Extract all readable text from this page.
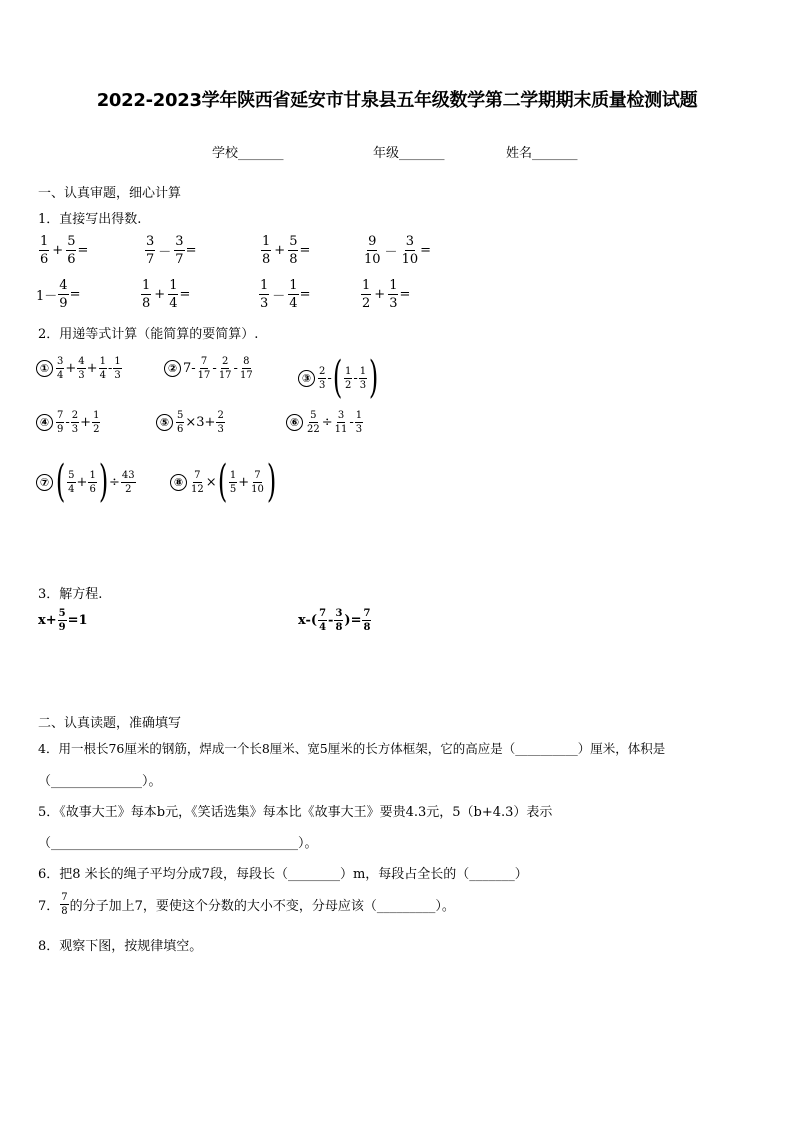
2022-2023学年陕西省延安市甘泉县五年级数学第二学期期末质量检测试题
学校_______	年级_______	姓名_______
一、认真审题，细心计算
1．直接写出得数.
$\frac{1}{6} + \frac{5}{6}$ =	$\frac{3}{7} - \frac{3}{7}$ =	$\frac{1}{8} + \frac{5}{8}$ =	$\frac{9}{10} - \frac{3}{10}$ =
$1- \frac{4}{9}$ =	$\frac{1}{8} + \frac{1}{4}$ =	$\frac{1}{3} - \frac{1}{4}$ =	$\frac{1}{2} + \frac{1}{3}$ =
2．用递等式计算（能简算的要简算）.
① $\frac{3}{4} + \frac{4}{3} + \frac{1}{4} - \frac{1}{3}$	② $7- \frac{7}{17} - \frac{2}{17} - \frac{8}{17}$	③ $\frac{2}{3}$ - ( $\frac{1}{2} - \frac{1}{3}$ )
④ $\frac{7}{9} - \frac{2}{3} + \frac{1}{2}$	⑤ $\frac{5}{6} \times 3+ \frac{2}{3}$	⑥ $\frac{5}{22} \div \frac{3}{11} - \frac{1}{3}$
⑦ ( $\frac{5}{4} + \frac{1}{6}$ ) ÷ $\frac{43}{2}$	⑧ $\frac{7}{12}$ × ( $\frac{1}{5} + \frac{7}{10}$ )
3．解方程.
$x+ \frac{5}{9} =1$	$x-( \frac{7}{4} - \frac{3}{8}$ )= $\frac{7}{8}$
二、认真读题，准确填写
4．用一根长76厘米的钢筋，焊成一个长8厘米、宽5厘米的长方体框架，它的高应是（__________）厘米，体积是
（______________）。
5．《故事大王》每本b元，《笑话选集》每本比《故事大王》要贵4.3元，5（b+4.3）表示
（______________________________________）。
6．把8 米长的绳子平均分成7段，每段长（________）m，每段占全长的（_______）
7． $\frac{7}{8}$ 的分子加上7，要使这个分数的大小不变，分母应该（_________）。
8．观察下图，按规律填空。
